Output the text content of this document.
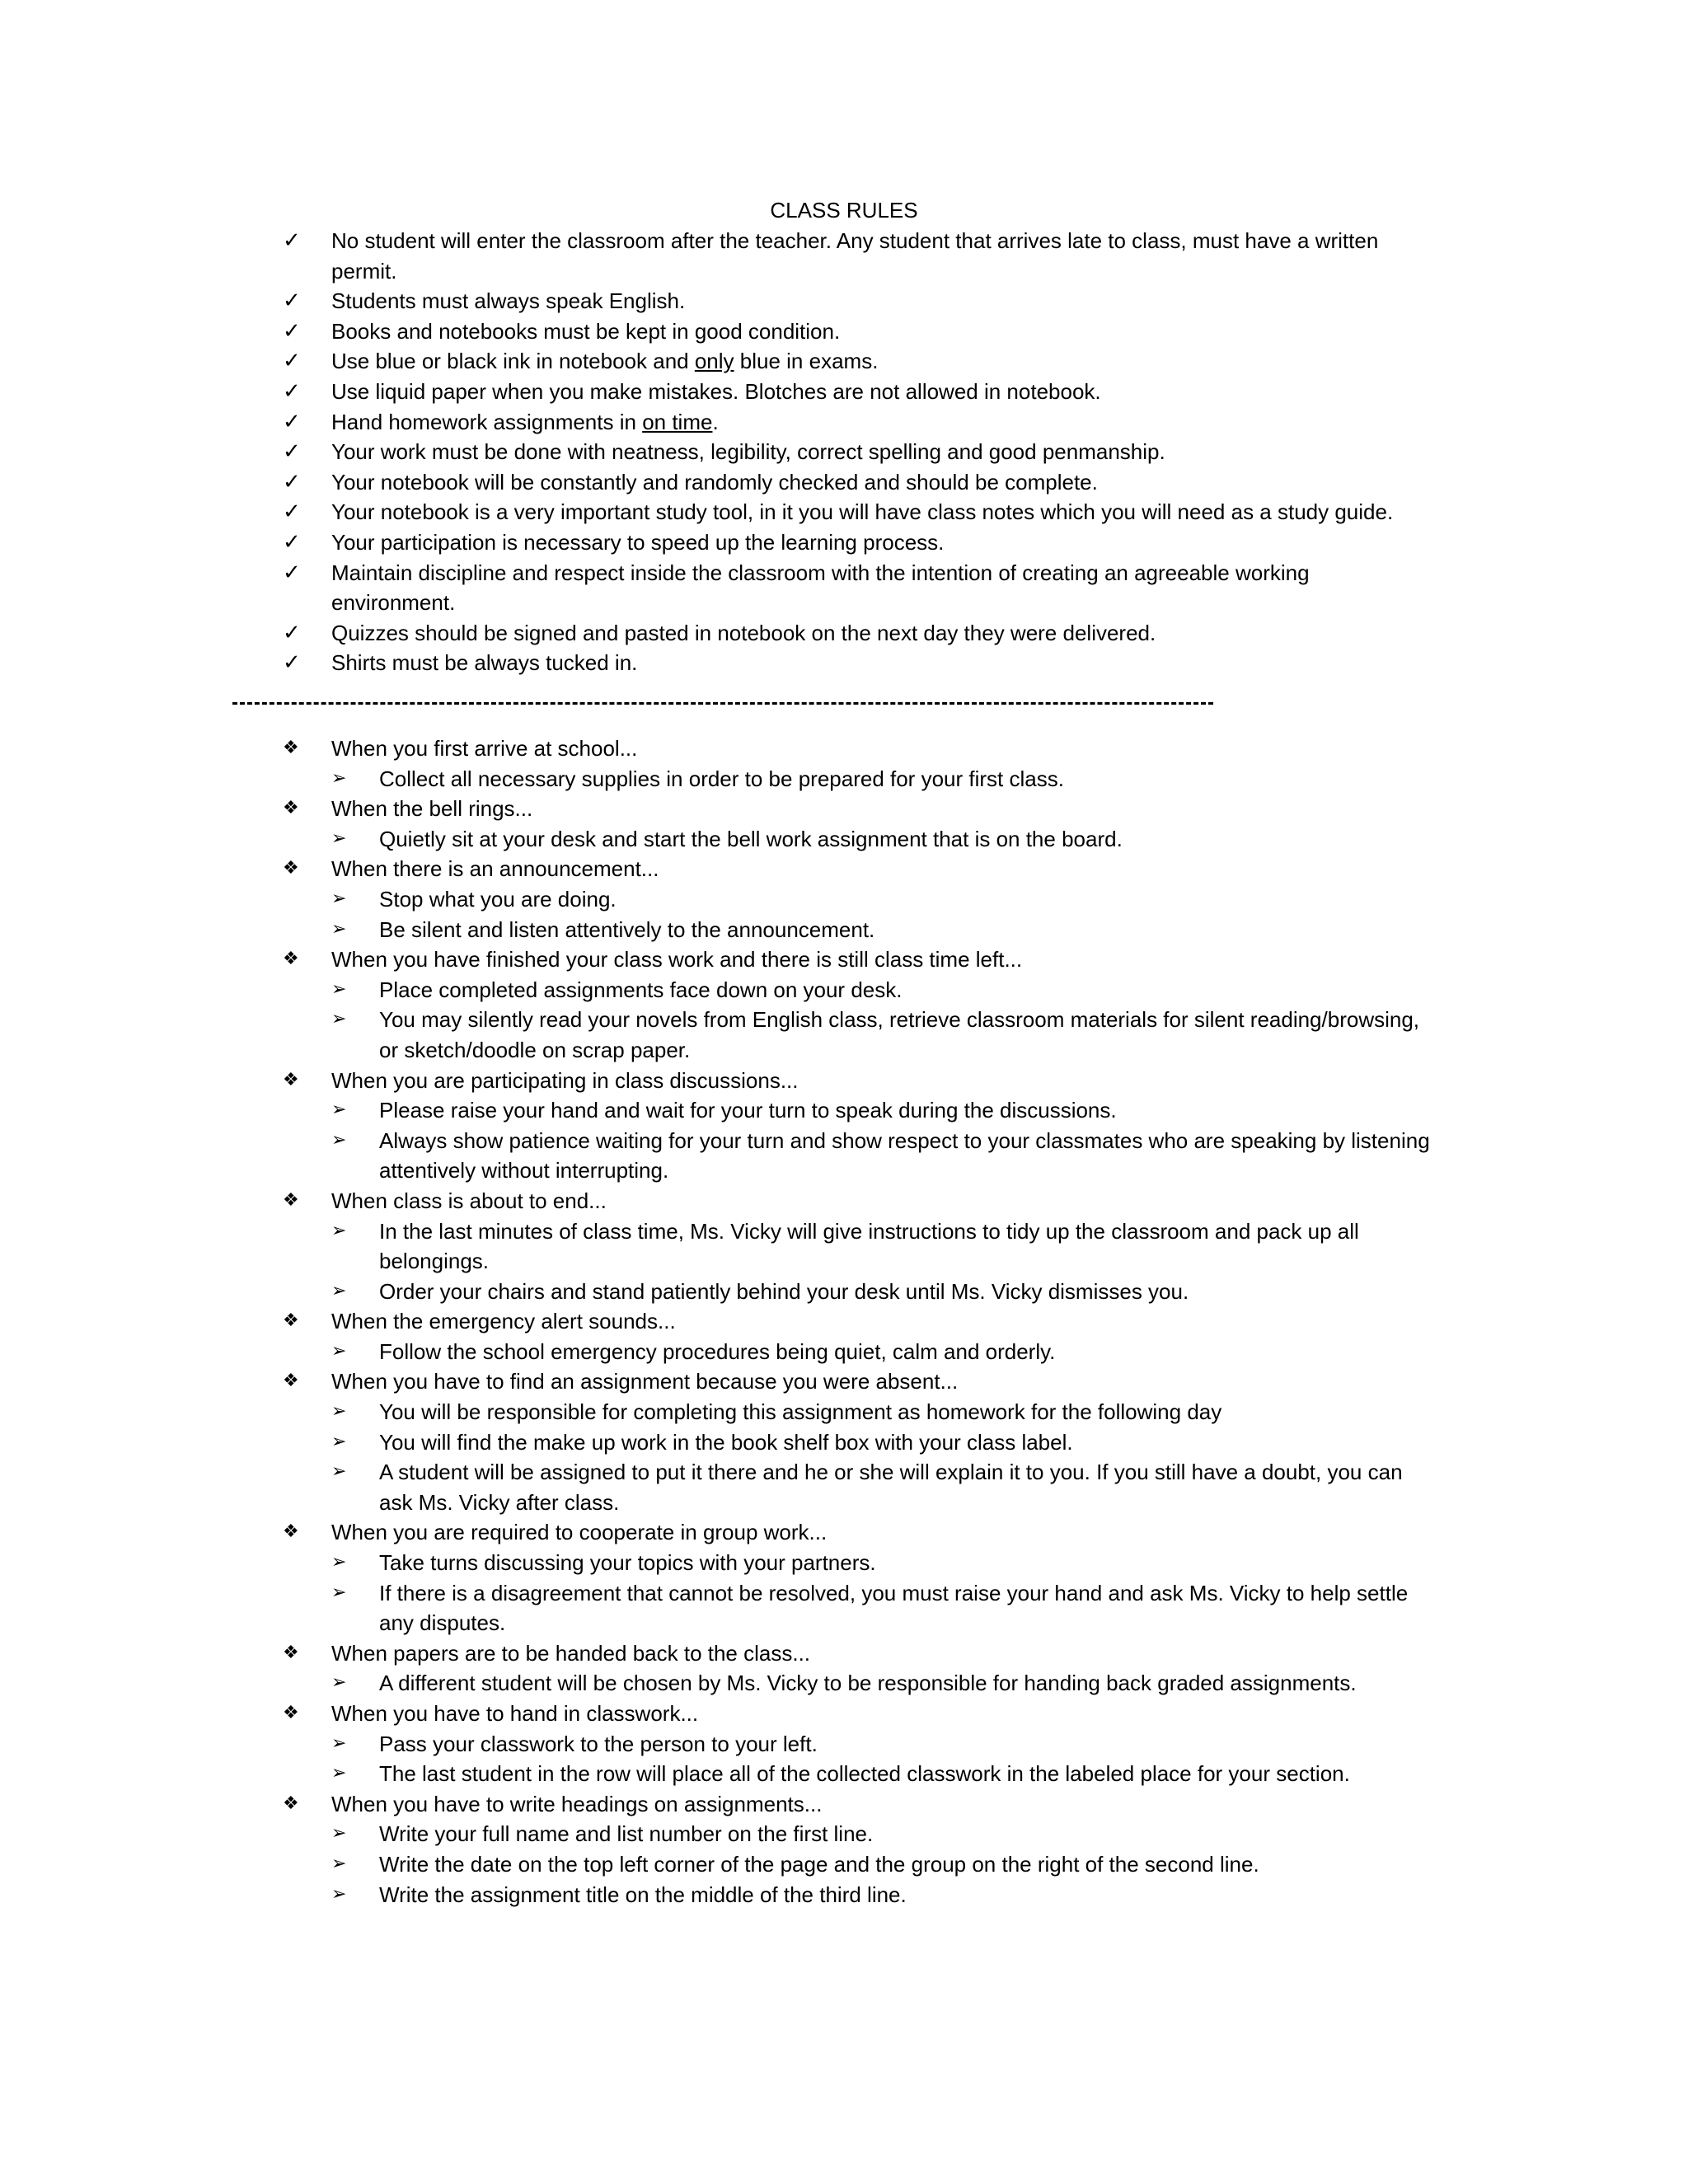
CLASS RULES
✓ No student will enter the classroom after the teacher. Any student that arrives late to class, must have a written permit.
✓ Students must always speak English.
✓ Books and notebooks must be kept in good condition.
✓ Use blue or black ink in notebook and only blue in exams.
✓ Use liquid paper when you make mistakes. Blotches are not allowed in notebook.
✓ Hand homework assignments in on time.
✓ Your work must be done with neatness, legibility, correct spelling and good penmanship.
✓ Your notebook will be constantly and randomly checked and should be complete.
✓ Your notebook is a very important study tool, in it you will have class notes which you will need as a study guide.
✓ Your participation is necessary to speed up the learning process.
✓ Maintain discipline and respect inside the classroom with the intention of creating an agreeable working environment.
✓ Quizzes should be signed and pasted in notebook on the next day they were delivered.
✓ Shirts must be always tucked in.
❖ When you first arrive at school...
➢ Collect all necessary supplies in order to be prepared for your first class.
❖ When the bell rings...
➢ Quietly sit at your desk and start the bell work assignment that is on the board.
❖ When there is an announcement...
➢ Stop what you are doing.
➢ Be silent and listen attentively to the announcement.
❖ When you have finished your class work and there is still class time left...
➢ Place completed assignments face down on your desk.
➢ You may silently read your novels from English class, retrieve classroom materials for silent reading/browsing, or sketch/doodle on scrap paper.
❖ When you are participating in class discussions...
➢ Please raise your hand and wait for your turn to speak during the discussions.
➢ Always show patience waiting for your turn and show respect to your classmates who are speaking by listening attentively without interrupting.
❖ When class is about to end...
➢ In the last minutes of class time, Ms. Vicky will give instructions to tidy up the classroom and pack up all belongings.
➢ Order your chairs and stand patiently behind your desk until Ms. Vicky dismisses you.
❖ When the emergency alert sounds...
➢ Follow the school emergency procedures being quiet, calm and orderly.
❖ When you have to find an assignment because you were absent...
➢ You will be responsible for completing this assignment as homework for the following day
➢ You will find the make up work in the book shelf box with your class label.
➢ A student will be assigned to put it there and he or she will explain it to you. If you still have a doubt, you can ask Ms. Vicky after class.
❖ When you are required to cooperate in group work...
➢ Take turns discussing your topics with your partners.
➢ If there is a disagreement that cannot be resolved, you must raise your hand and ask Ms. Vicky to help settle any disputes.
❖ When papers are to be handed back to the class...
➢ A different student will be chosen by Ms. Vicky to be responsible for handing back graded assignments.
❖ When you have to hand in classwork...
➢ Pass your classwork to the person to your left.
➢ The last student in the row will place all of the collected classwork in the labeled place for your section.
❖ When you have to write headings on assignments...
➢ Write your full name and list number on the first line.
➢ Write the date on the top left corner of the page and the group on the right of the second line.
➢ Write the assignment title on the middle of the third line.
